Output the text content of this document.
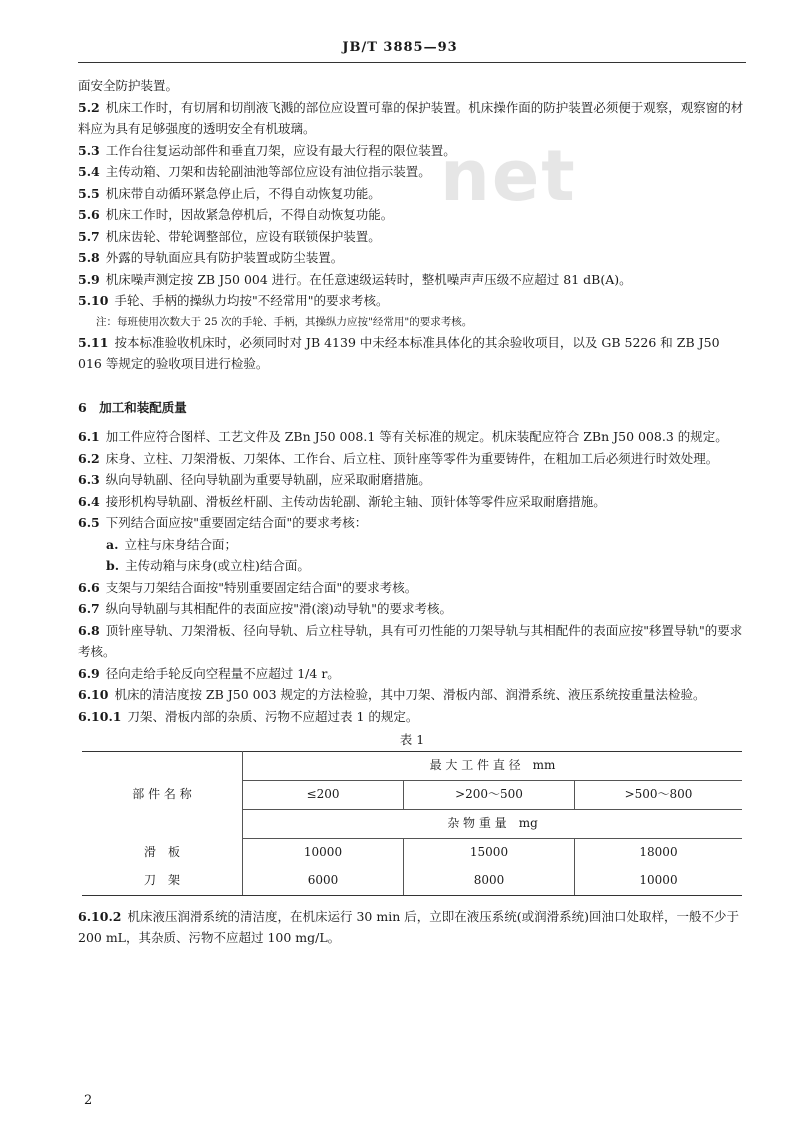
net
JB/T 3885—93

面安全防护装置。

5.2 机床工作时，有切屑和切削液飞溅的部位应设置可靠的保护装置。机床操作面的防护装置必须便于观察，观察窗的材料应为具有足够强度的透明安全有机玻璃。

5.3 工作台往复运动部件和垂直刀架，应设有最大行程的限位装置。

5.4 主传动箱、刀架和齿轮副油池等部位应设有油位指示装置。

5.5 机床带自动循环紧急停止后，不得自动恢复功能。

5.6 机床工作时，因故紧急停机后，不得自动恢复功能。

5.7 机床齿轮、带轮调整部位，应设有联锁保护装置。

5.8 外露的导轨面应具有防护装置或防尘装置。

5.9 机床噪声测定按 ZB J50 004 进行。在任意速级运转时，整机噪声声压级不应超过 81 dB(A)。

5.10 手轮、手柄的操纵力均按"不经常用"的要求考核。

注：每班使用次数大于 25 次的手轮、手柄，其操纵力应按"经常用"的要求考核。

5.11 按本标准验收机床时，必须同时对 JB 4139 中未经本标准具体化的其余验收项目，以及 GB 5226 和 ZB J50 016 等规定的验收项目进行检验。

6　加工和装配质量

6.1 加工件应符合图样、工艺文件及 ZBn J50 008.1 等有关标准的规定。机床装配应符合 ZBn J50 008.3 的规定。

6.2 床身、立柱、刀架滑板、刀架体、工作台、后立柱、顶针座等零件为重要铸件，在粗加工后必须进行时效处理。

6.3 纵向导轨副、径向导轨副为重要导轨副，应采取耐磨措施。

6.4 接形机构导轨副、滑板丝杆副、主传动齿轮副、渐轮主轴、顶针体等零件应采取耐磨措施。

6.5 下列结合面应按"重要固定结合面"的要求考核：

a. 立柱与床身结合面；

b. 主传动箱与床身(或立柱)结合面。

6.6 支架与刀架结合面按"特别重要固定结合面"的要求考核。

6.7 纵向导轨副与其相配件的表面应按"滑(滚)动导轨"的要求考核。

6.8 顶针座导轨、刀架滑板、径向导轨、后立柱导轨，具有可刃性能的刀架导轨与其相配件的表面应按"移置导轨"的要求考核。

6.9 径向走给手轮反向空程量不应超过 1/4 r。

6.10 机床的清洁度按 ZB J50 003 规定的方法检验，其中刀架、滑板内部、润滑系统、液压系统按重量法检验。

6.10.1 刀架、滑板内部的杂质、污物不应超过表 1 的规定。

表 1

部 件 名 称	最 大 工 件 直 径　 mm		
	≤200	>200～500	>500～800
	杂 物 重 量　 mg		
滑　板	10000	15000	18000
刀　架	6000	8000	10000

6.10.2 机床液压润滑系统的清洁度，在机床运行 30 min 后，立即在液压系统(或润滑系统)回油口处取样，一般不少于 200 mL，其杂质、污物不应超过 100 mg/L。

2
